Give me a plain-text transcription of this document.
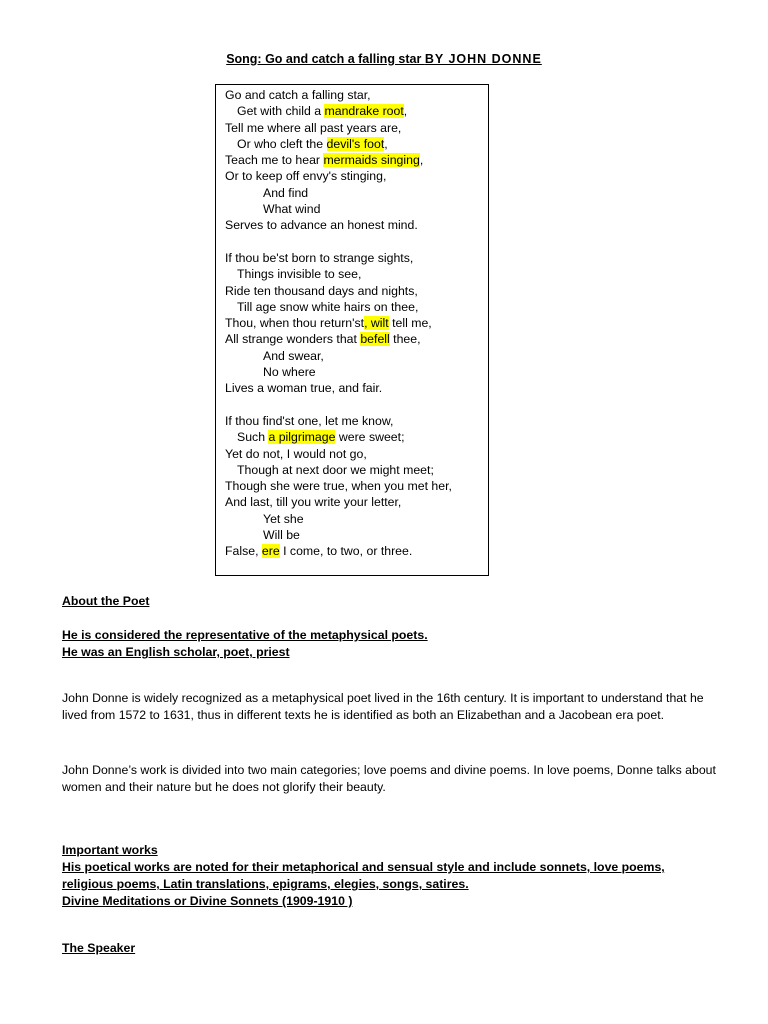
Song: Go and catch a falling star BY JOHN DONNE
Go and catch a falling star,
Get with child a mandrake root,
Tell me where all past years are,
Or who cleft the devil's foot,
Teach me to hear mermaids singing,
Or to keep off envy's stinging,
And find
What wind
Serves to advance an honest mind.
If thou be'st born to strange sights,
Things invisible to see,
Ride ten thousand days and nights,
Till age snow white hairs on thee,
Thou, when thou return'st, wilt tell me,
All strange wonders that befell thee,
And swear,
No where
Lives a woman true, and fair.
If thou find'st one, let me know,
Such a pilgrimage were sweet;
Yet do not, I would not go,
Though at next door we might meet;
Though she were true, when you met her,
And last, till you write your letter,
Yet she
Will be
False, ere I come, to two, or three.
About the Poet
He is considered the representative of the metaphysical poets.
He was an English scholar, poet, priest
John Donne is widely recognized as a metaphysical poet lived in the 16th century. It is important to understand that he lived from 1572 to 1631, thus in different texts he is identified as both an Elizabethan and a Jacobean era poet.
John Donne’s work is divided into two main categories; love poems and divine poems. In love poems, Donne talks about women and their nature but he does not glorify their beauty.
Important works
His poetical works are noted for their metaphorical and sensual style and include sonnets, love poems,
religious poems, Latin translations, epigrams, elegies, songs, satires.
Divine Meditations or Divine Sonnets (1909-1910 )
The Speaker
